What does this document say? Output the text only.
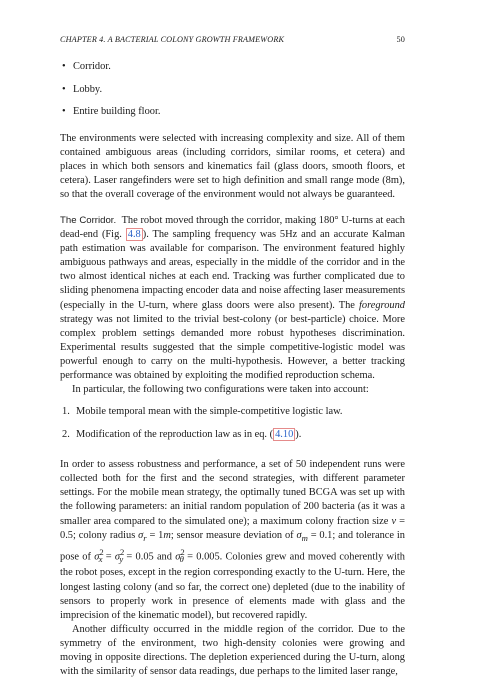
CHAPTER 4. A BACTERIAL COLONY GROWTH FRAMEWORK	50
• Corridor.
• Lobby.
• Entire building floor.

The environments were selected with increasing complexity and size. All of them contained ambiguous areas (including corridors, similar rooms, et cetera) and places in which both sensors and kinematics fail (glass doors, smooth floors, et cetera). Laser rangefinders were set to high definition and small range mode (8m), so that the overall coverage of the environment would not always be guaranteed.

The Corridor. The robot moved through the corridor, making 180° U-turns at each dead-end (Fig. 4.8 ). The sampling frequency was 5Hz and an accurate Kalman path estimation was available for comparison. The environment featured highly ambiguous pathways and areas, especially in the middle of the corridor and in the two almost identical niches at each end. Tracking was further complicated due to sliding phenomena impacting encoder data and noise affecting laser measurements (especially in the U-turn, where glass doors were also present). The foreground strategy was not limited to the trivial best-colony (or best-particle) choice. More complex problem settings demanded more robust hypotheses discrimination. Experimental results suggested that the simple competitive-logistic model was powerful enough to carry on the multi-hypothesis. However, a better tracking performance was obtained by exploiting the modified reproduction schema.

In particular, the following two configurations were taken into account:

1. Mobile temporal mean with the simple-competitive logistic law.
2. Modification of the reproduction law as in eq. ( 4.10 ).

In order to assess robustness and performance, a set of 50 independent runs were collected both for the first and the second strategies, with different parameter settings. For the mobile mean strategy, the optimally tuned BCGA was set up with the following parameters: an initial random population of 200 bacteria (as it was a smaller area compared to the simulated one); a maximum colony fraction size ν = 0.5; colony radius $\sigma_r = 1m$; sensor measure deviation of $\sigma_m = 0.1$; and tolerance in pose of $\sigma^2_x = \sigma^2_y = 0.05$ and $\sigma^2_\theta = 0.005$. Colonies grew and moved coherently with the robot poses, except in the region corresponding exactly to the U-turn. Here, the longest lasting colony (and so far, the correct one) depleted (due to the inability of sensors to properly work in presence of elements made with glass and the imprecision of the kinematic model), but recovered rapidly.

Another difficulty occurred in the middle region of the corridor. Due to the symmetry of the environment, two high-density colonies were growing and moving in opposite directions. The depletion experienced during the U-turn, along with the similarity of sensor data readings, due perhaps to the limited laser range,
